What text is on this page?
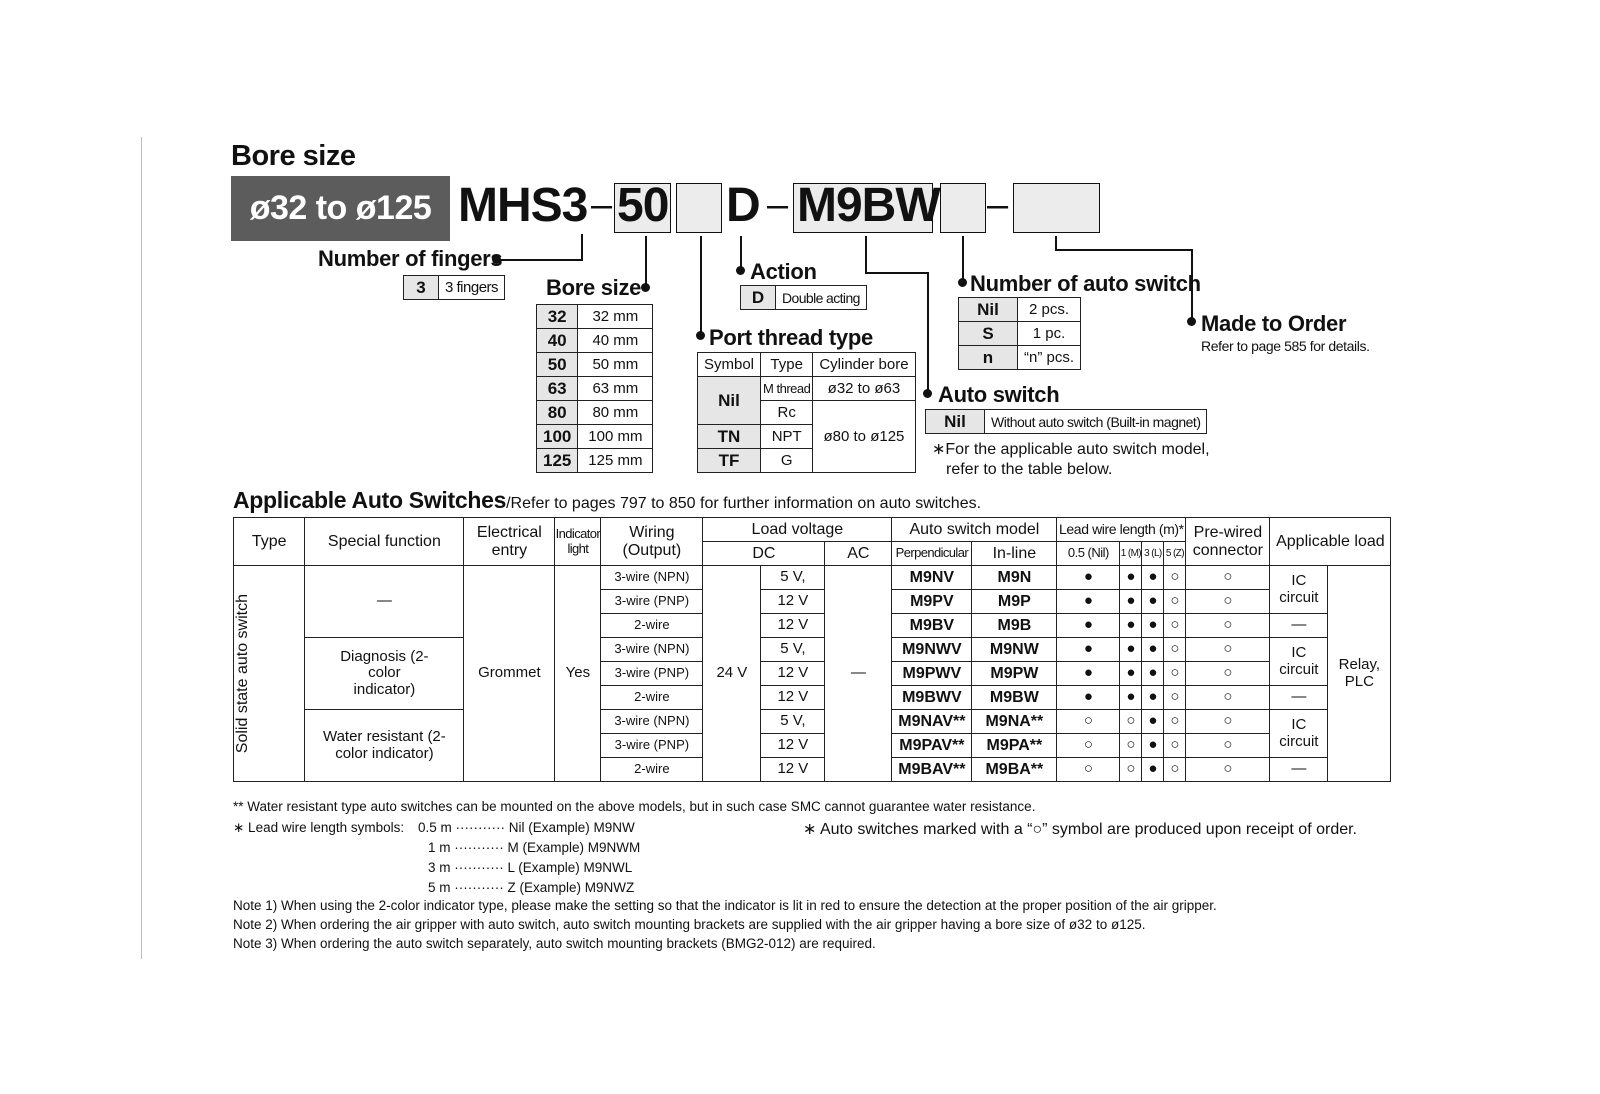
Bore size
ø32 to ø125 MHS3 – 50 D – M9BW –
Number of fingers
3	3 fingers Bore size
32	32 mm
40	40 mm
50	50 mm
63	63 mm
80	80 mm
100	100 mm
125	125 mm
Action
D	Double acting
Port thread type
Symbol	Type	Cylinder bore
Nil	M thread	ø32 to ø63
	Rc	ø80 to ø125
TN	NPT	
TF	G	
Number of auto switch
Nil	2 pcs.
S	1 pc.
n	“n” pcs.
Made to Order
Refer to page 585 for details.
Auto switch
Nil	Without auto switch (Built-in magnet)
∗For the applicable auto switch model,
refer to the table below.
Applicable Auto Switches/Refer to pages 797 to 850 for further information on auto switches.
Type	Special function	Electrical entry	Indicator light	Wiring (Output)	Load voltage			Auto switch model		Lead wire length (m)*				Pre-wired connector	Applicable load	
					DC		AC	Perpendicular	In-line	0.5 (Nil)	1 (M)	3 (L)	5 (Z)			

Solid state auto switch	—	Grommet	Yes	3-wire (NPN)	24 V	5 V,	—	M9NV	M9N	●	●	●	○	○	IC circuit	Relay, PLC
				3-wire (PNP)		12 V		M9PV	M9P	●	●	●	○	○		
				2-wire		12 V		M9BV	M9B	●	●	●	○	○	—	
	Diagnosis (2-color indicator)			3-wire (NPN)		5 V,		M9NWV	M9NW	●	●	●	○	○	IC circuit	
				3-wire (PNP)		12 V		M9PWV	M9PW	●	●	●	○	○		
				2-wire		12 V		M9BWV	M9BW	●	●	●	○	○	—	
	Water resistant (2-color indicator)			3-wire (NPN)		5 V,		M9NAV**	M9NA**	○	○	●	○	○	IC circuit	
				3-wire (PNP)		12 V		M9PAV**	M9PA**	○	○	●	○	○		
				2-wire		12 V		M9BAV**	M9BA**	○	○	●	○	○	—	
** Water resistant type auto switches can be mounted on the above models, but in such case SMC cannot guarantee water resistance.
∗ Lead wire length symbols: 0.5 m ··········· Nil (Example) M9NW
1 m ··········· M (Example) M9NWM
3 m ··········· L (Example) M9NWL
5 m ··········· Z (Example) M9NWZ
∗ Auto switches marked with a “○” symbol are produced upon receipt of order.
Note 1) When using the 2-color indicator type, please make the setting so that the indicator is lit in red to ensure the detection at the proper position of the air gripper.
Note 2) When ordering the air gripper with auto switch, auto switch mounting brackets are supplied with the air gripper having a bore size of ø32 to ø125.
Note 3) When ordering the auto switch separately, auto switch mounting brackets (BMG2-012) are required.
